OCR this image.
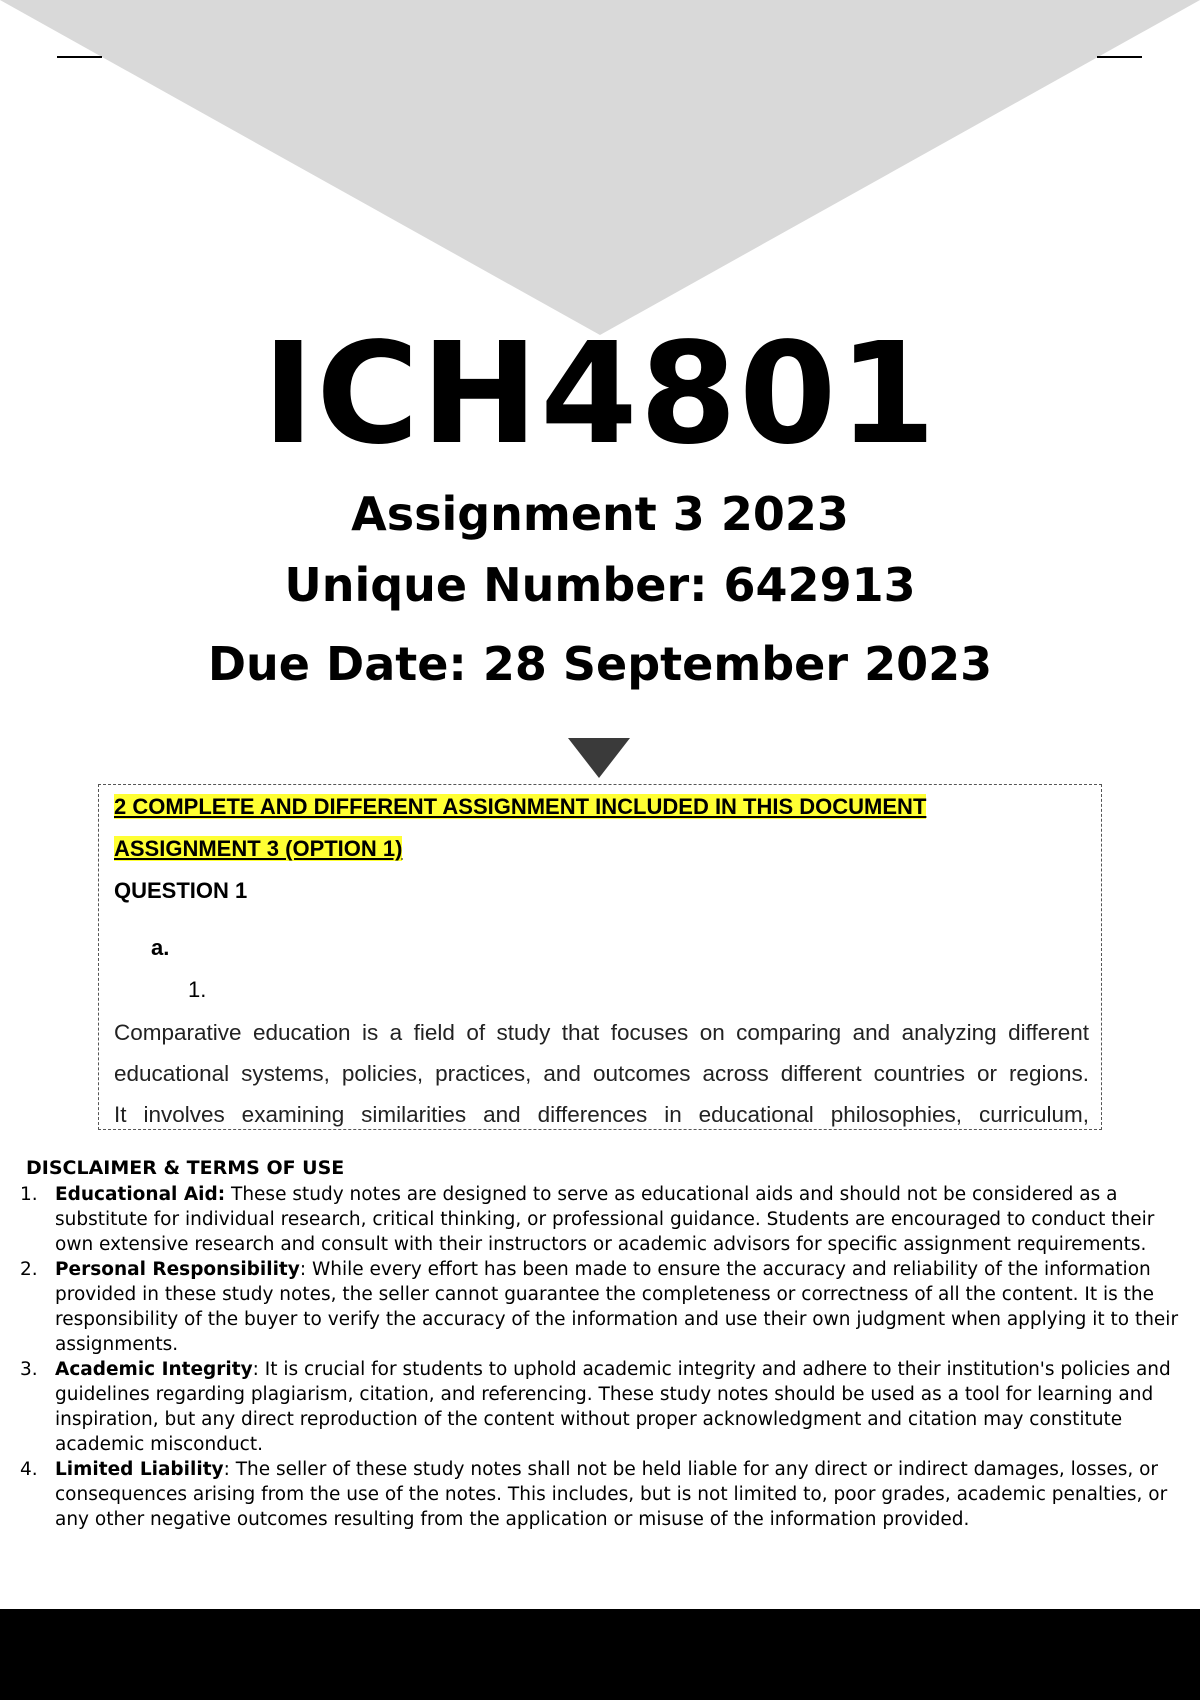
ICH4801
Assignment 3 2023
Unique Number: 642913
Due Date: 28 September 2023
2 COMPLETE AND DIFFERENT ASSIGNMENT INCLUDED IN THIS DOCUMENT
ASSIGNMENT 3 (OPTION 1)
QUESTION 1
a.
1.
Comparative education is a field of study that focuses on comparing and analyzing different
educational systems, policies, practices, and outcomes across different countries or regions.
It involves examining similarities and differences in educational philosophies, curriculum,
DISCLAIMER & TERMS OF USE
1. Educational Aid: These study notes are designed to serve as educational aids and should not be considered as a substitute for individual research, critical thinking, or professional guidance. Students are encouraged to conduct their own extensive research and consult with their instructors or academic advisors for specific assignment requirements.
2. Personal Responsibility: While every effort has been made to ensure the accuracy and reliability of the information provided in these study notes, the seller cannot guarantee the completeness or correctness of all the content. It is the responsibility of the buyer to verify the accuracy of the information and use their own judgment when applying it to their assignments.
3. Academic Integrity: It is crucial for students to uphold academic integrity and adhere to their institution's policies and guidelines regarding plagiarism, citation, and referencing. These study notes should be used as a tool for learning and inspiration, but any direct reproduction of the content without proper acknowledgment and citation may constitute academic misconduct.
4. Limited Liability: The seller of these study notes shall not be held liable for any direct or indirect damages, losses, or consequences arising from the use of the notes. This includes, but is not limited to, poor grades, academic penalties, or any other negative outcomes resulting from the application or misuse of the information provided.
